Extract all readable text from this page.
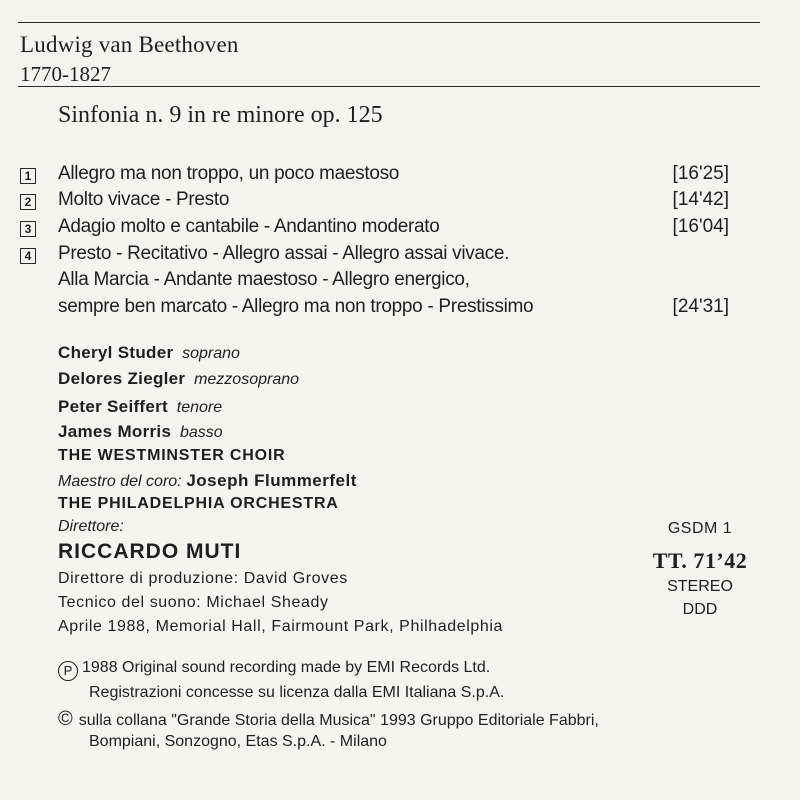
Ludwig van Beethoven
1770-1827
Sinfonia n. 9 in re minore op. 125
1 Allegro ma non troppo, un poco maestoso	[16'25]
2 Molto vivace - Presto	[14'42]
3 Adagio molto e cantabile - Andantino moderato	[16'04]
4 Presto - Recitativo - Allegro assai - Allegro assai vivace.
Alla Marcia - Andante maestoso - Allegro energico,
sempre ben marcato - Allegro ma non troppo - Prestissimo	[24'31]
Cheryl Studer soprano
Delores Ziegler mezzosoprano
Peter Seiffert tenore
James Morris basso
THE WESTMINSTER CHOIR
Maestro del coro: Joseph Flummerfelt
THE PHILADELPHIA ORCHESTRA
Direttore:
RICCARDO MUTI
Direttore di produzione: David Groves
Tecnico del suono: Michael Sheady
Aprile 1988, Memorial Hall, Fairmount Park, Philhadelphia
GSDM 1
TT. 71’42
STEREO
DDD
P 1988 Original sound recording made by EMI Records Ltd.
Registrazioni concesse su licenza dalla EMI Italiana S.p.A.
© sulla collana "Grande Storia della Musica" 1993 Gruppo Editoriale Fabbri,
Bompiani, Sonzogno, Etas S.p.A. - Milano
